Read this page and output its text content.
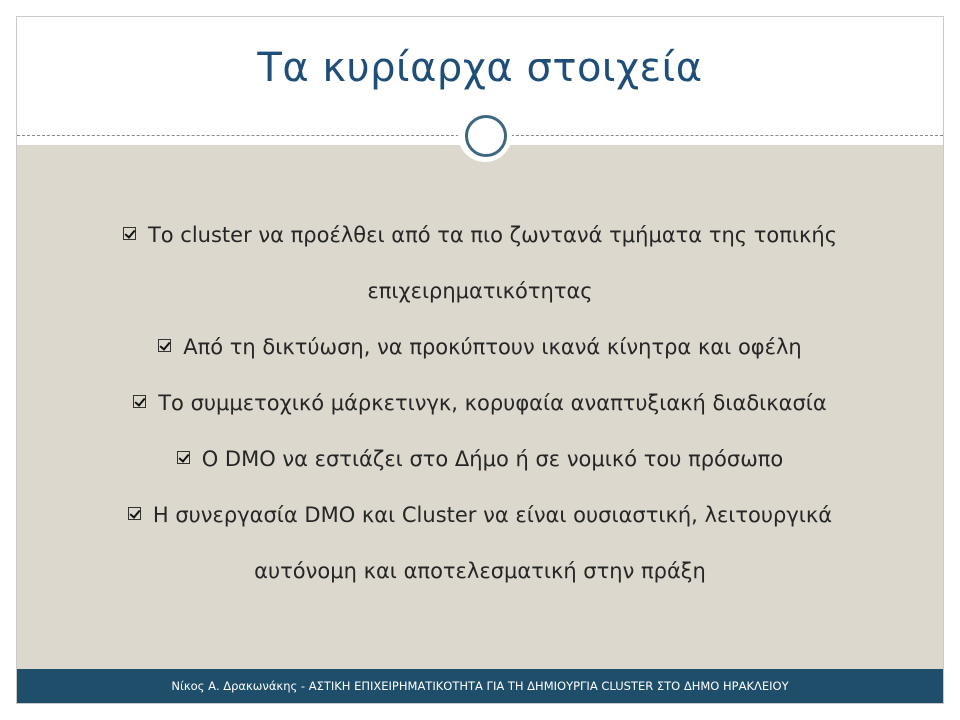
Τα κυρίαρχα στοιχεία
Το cluster να προέλθει από τα πιο ζωντανά τμήματα της τοπικής
επιχειρηματικότητας
Από τη δικτύωση, να προκύπτουν ικανά κίνητρα και οφέλη
Το συμμετοχικό μάρκετινγκ, κορυφαία αναπτυξιακή διαδικασία
Ο DMO να εστιάζει στο Δήμο ή σε νομικό του πρόσωπο
Η συνεργασία DMO και Cluster να είναι ουσιαστική, λειτουργικά
αυτόνομη και αποτελεσματική στην πράξη
Νίκος Α. Δρακωνάκης - ΑΣΤΙΚΗ ΕΠΙΧΕΙΡΗΜΑΤΙΚΟΤΗΤΑ ΓΙΑ ΤΗ ΔΗΜΙΟΥΡΓΙΑ CLUSTER ΣΤΟ ΔΗΜΟ ΗΡΑΚΛΕΙΟΥ
